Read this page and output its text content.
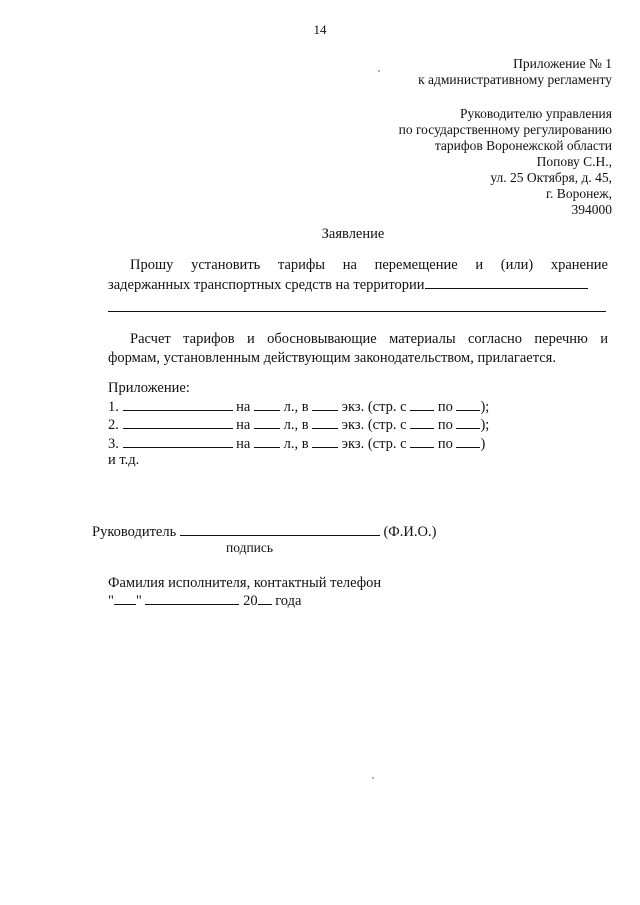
14
Приложение № 1
к административному регламенту
Руководителю управления
по государственному регулированию
тарифов Воронежской области
Попову С.Н.,
ул. 25 Октября, д. 45,
г. Воронеж,
394000
Заявление
Прошу установить тарифы на перемещение и (или) хранение
задержанных транспортных средств на территории
Расчет тарифов и обосновывающие материалы согласно перечню и
формам, установленным действующим законодательством, прилагается.
Приложение:
1.	на л., в экз. (стр. с по );
2.	на л., в экз. (стр. с по );
3.	на л., в экз. (стр. с по )
и т.д.
Руководитель	(Ф.И.О.)
подпись
Фамилия исполнителя, контактный телефон
" "	20 года
